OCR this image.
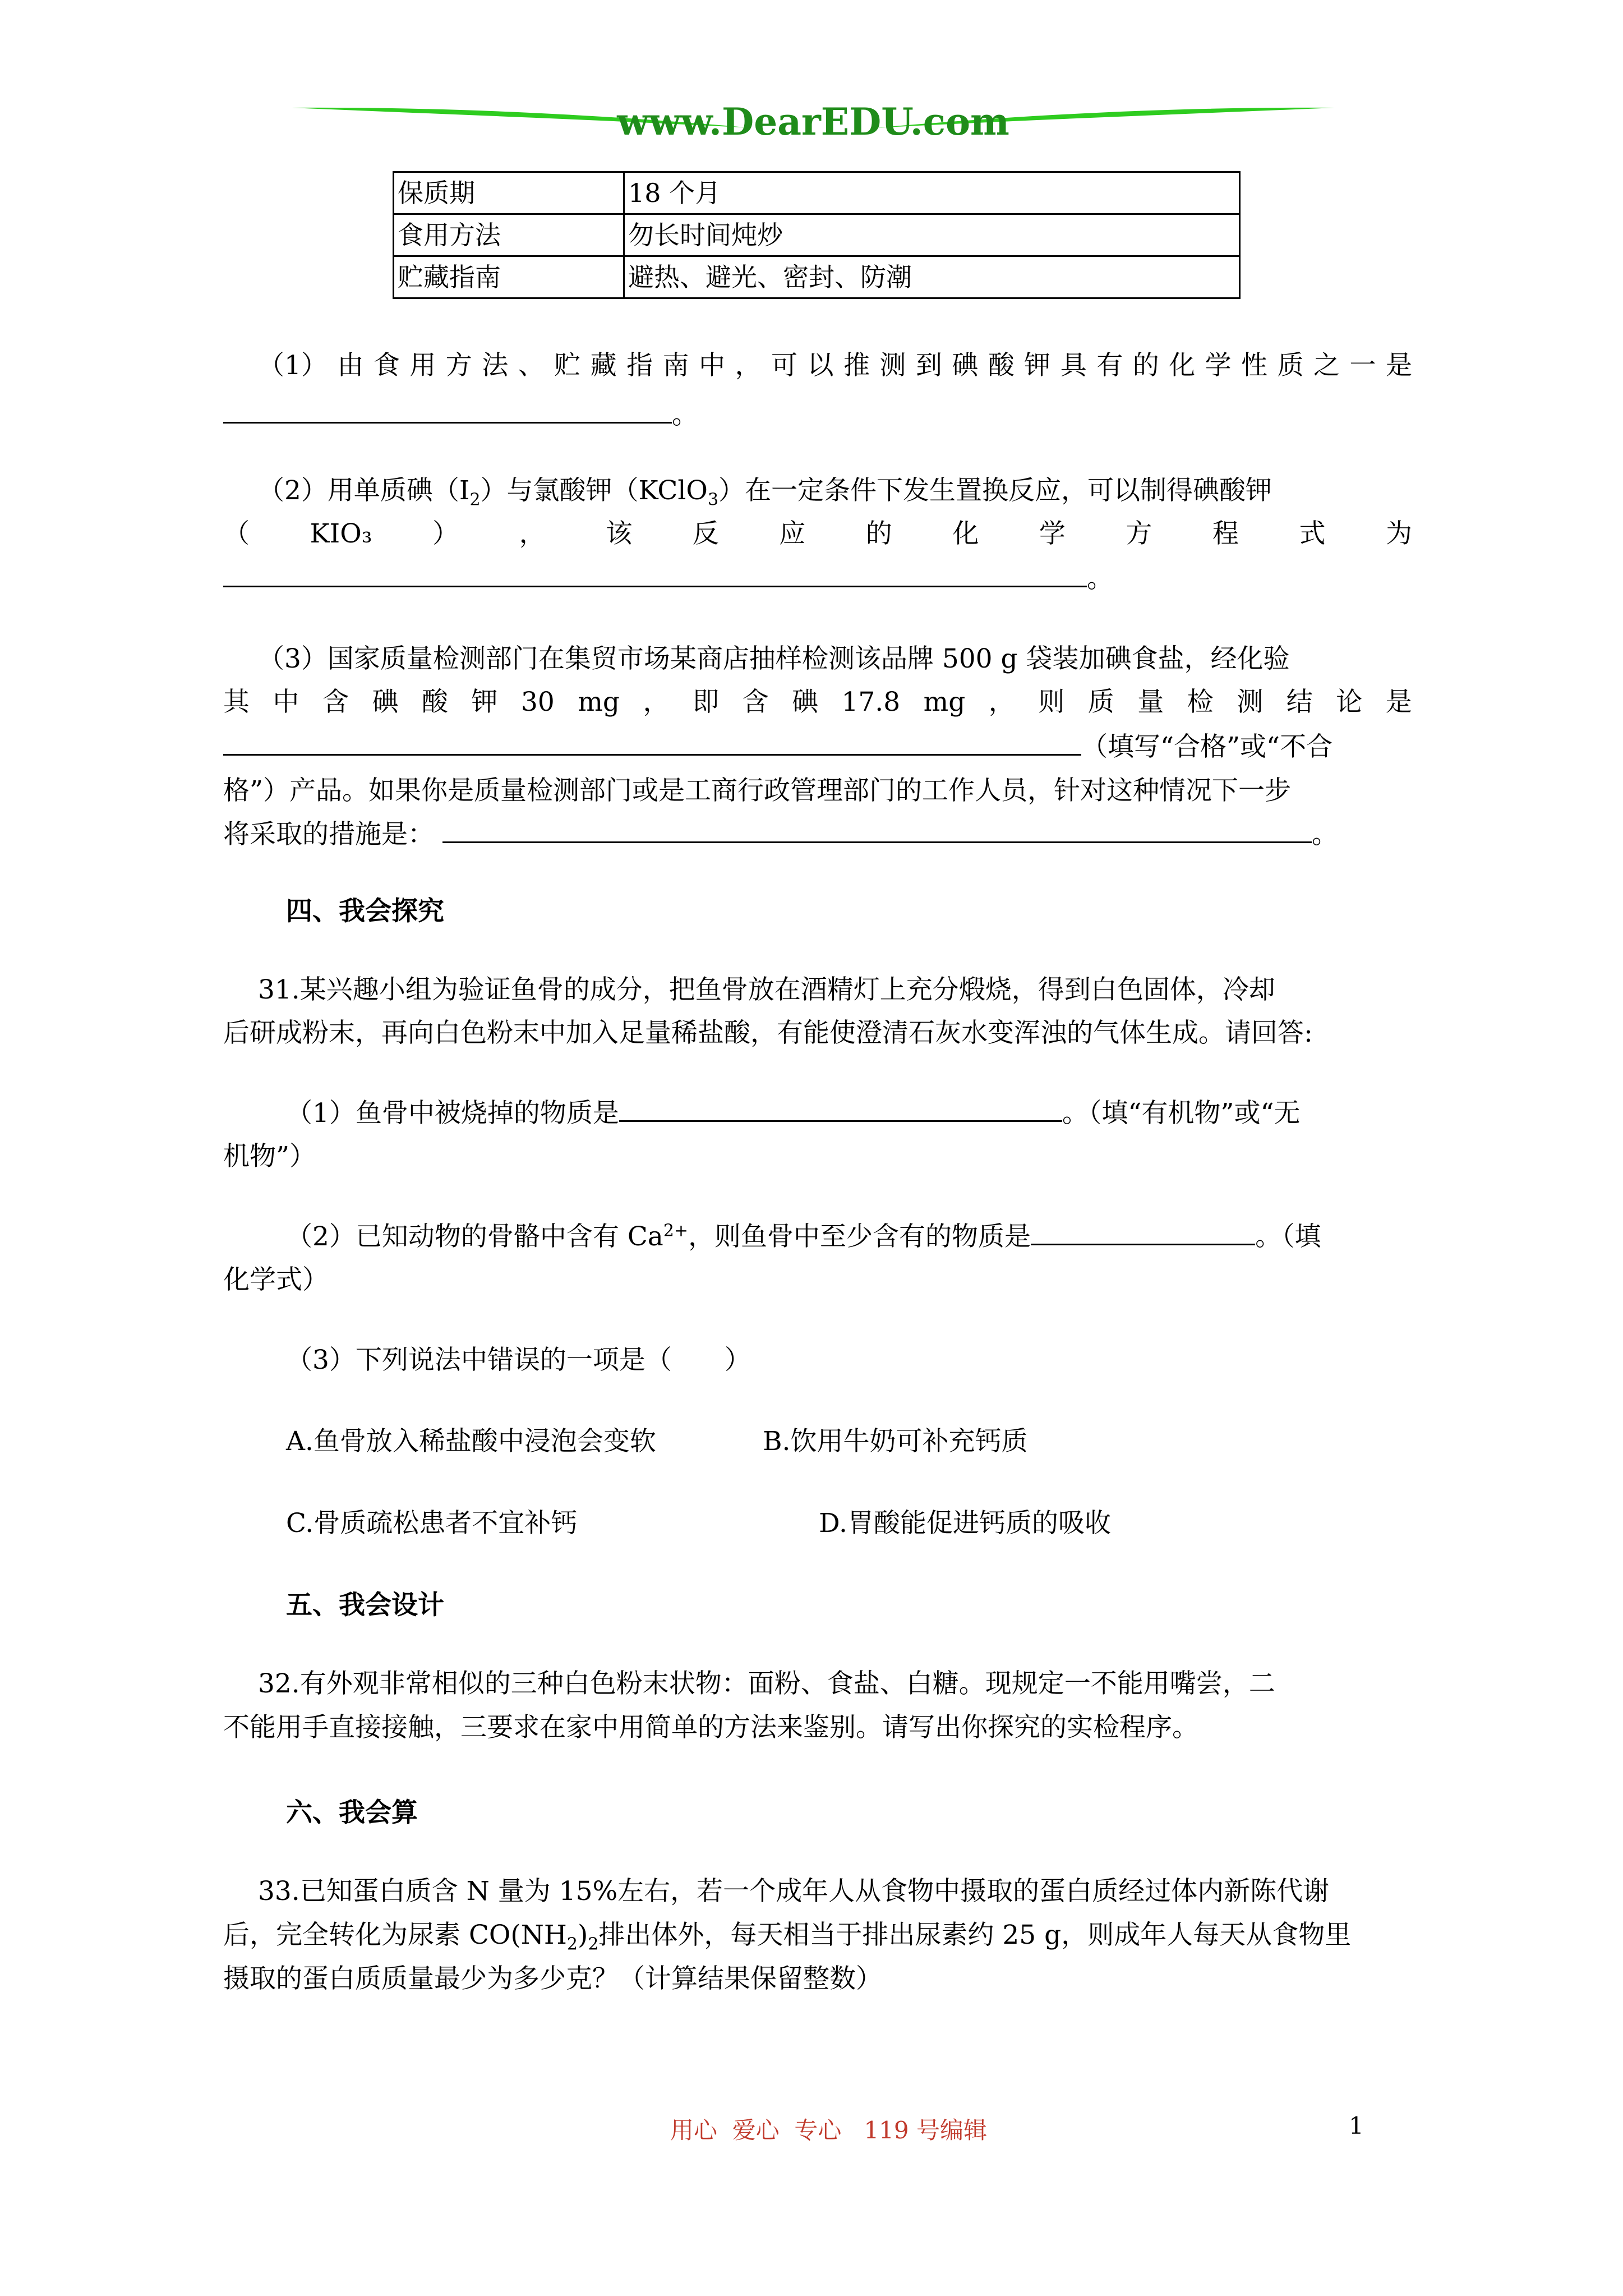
www.DearEDU.com
保质期	18 个月
食用方法	勿长时间炖炒
贮藏指南	避热、避光、密封、防潮
（1） 由 食 用 方 法 、 贮 藏 指 南 中 ， 可 以 推 测 到 碘 酸 钾 具 有 的 化 学 性 质 之 一 是
。
（2）用单质碘$(I_2)$与氯酸钾（KClO$_3$）在一定条件下发生置换反应，可以制得碘酸钾
（ KIO₃ ） ， 该 反 应 的 化 学 方 程 式 为
。
（3）国家质量检测部门在集贸市场某商店抽样检测该品牌 500 g 袋装加碘食盐，经化验
其 中 含 碘 酸 钾 30 mg ， 即 含 碘 17.8 mg ， 则 质 量 检 测 结 论 是
（填写“合格”或“不合
格”）产品。如果你是质量检测部门或是工商行政管理部门的工作人员，针对这种情况下一步
将采取的措施是：	。
四、我会探究
31.某兴趣小组为验证鱼骨的成分，把鱼骨放在酒精灯上充分煅烧，得到白色固体，冷却
后研成粉末，再向白色粉末中加入足量稀盐酸，有能使澄清石灰水变浑浊的气体生成。请回答:
（1）鱼骨中被烧掉的物质是	。（填“有机物”或“无
机物”）
（2）已知动物的骨骼中含有 $Ca^{2+}$，则鱼骨中至少含有的物质是	。（填
化学式）
（3）下列说法中错误的一项是（　　）
A.鱼骨放入稀盐酸中浸泡会变软	B.饮用牛奶可补充钙质
C.骨质疏松患者不宜补钙	D.胃酸能促进钙质的吸收
五、我会设计
32.有外观非常相似的三种白色粉末状物：面粉、食盐、白糖。现规定一不能用嘴尝，二
不能用手直接接触，三要求在家中用简单的方法来鉴别。请写出你探究的实检程序。
六、我会算
33.已知蛋白质含 N 量为 15%左右，若一个成年人从食物中摄取的蛋白质经过体内新陈代谢
后，完全转化为尿素 $CO(NH_2)_2$排出体外，每天相当于排出尿素约 25 g，则成年人每天从食物里
摄取的蛋白质质量最少为多少克？（计算结果保留整数）
用心  爱心  专心   119 号编辑	1
